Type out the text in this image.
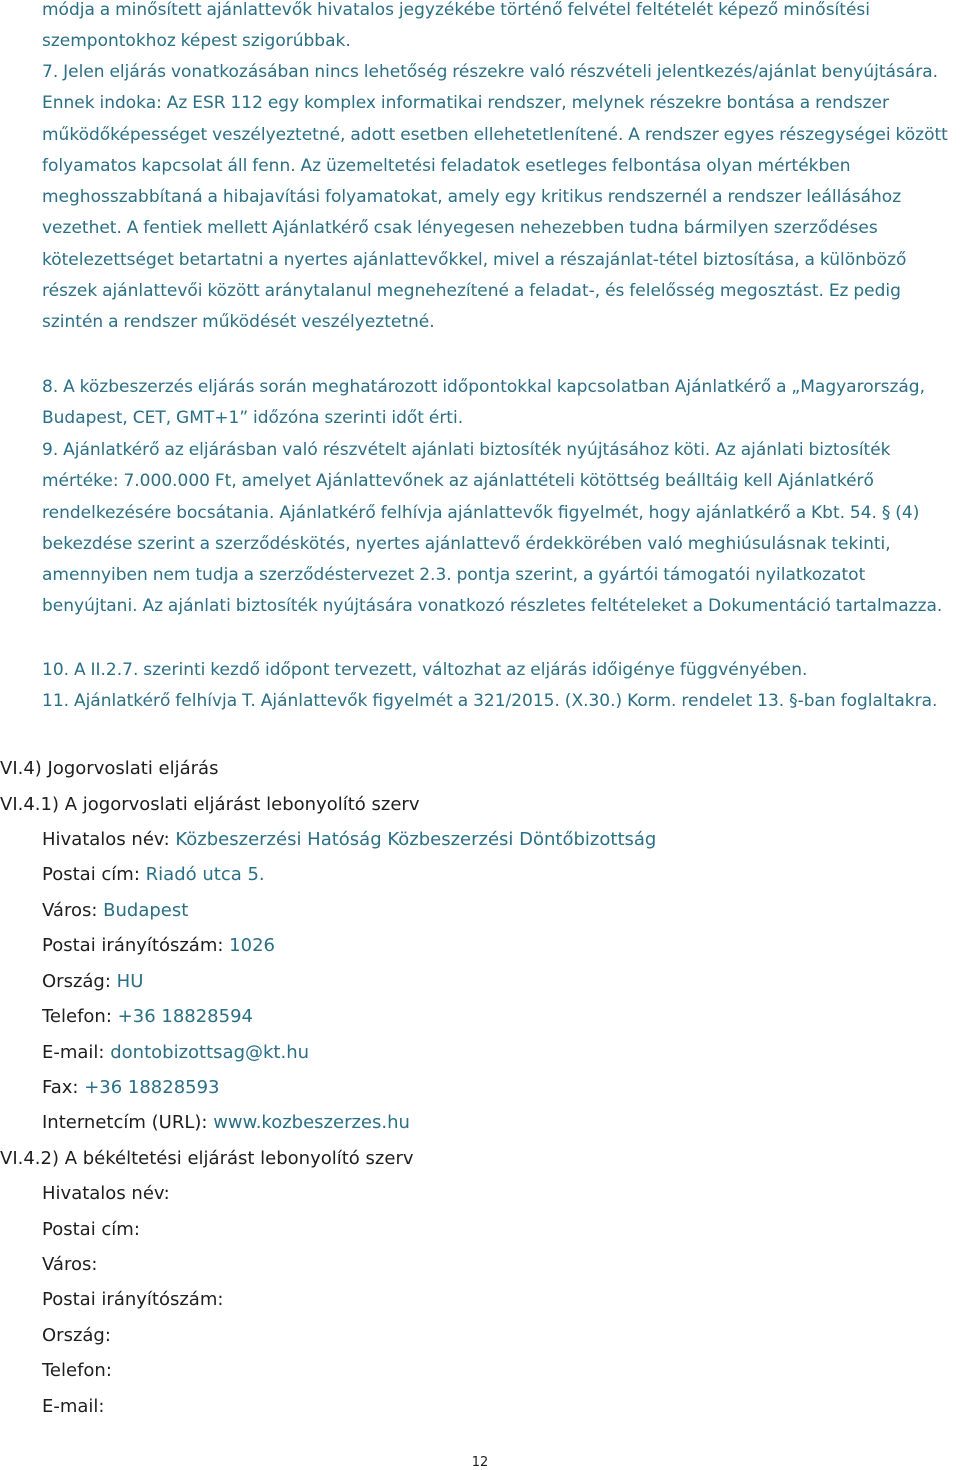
módja a minősített ajánlattevők hivatalos jegyzékébe történő felvétel feltételét képező minősítési szempontokhoz képest szigorúbbak.

7. Jelen eljárás vonatkozásában nincs lehetőség részekre való részvételi jelentkezés/ajánlat benyújtására. Ennek indoka: Az ESR 112 egy komplex informatikai rendszer, melynek részekre bontása a rendszer működőképességet veszélyeztetné, adott esetben ellehetetlenítené. A rendszer egyes részegységei között folyamatos kapcsolat áll fenn. Az üzemeltetési feladatok esetleges felbontása olyan mértékben meghosszabbítaná a hibajavítási folyamatokat, amely egy kritikus rendszernél a rendszer leállásához vezethet. A fentiek mellett Ajánlatkérő csak lényegesen nehezebben tudna bármilyen szerződéses kötelezettséget betartatni a nyertes ajánlattevőkkel, mivel a részajánlat-tétel biztosítása, a különböző részek ajánlattevői között aránytalanul megnehezítené a feladat-, és felelősség megosztást. Ez pedig szintén a rendszer működését veszélyeztetné.

8. A közbeszerzés eljárás során meghatározott időpontokkal kapcsolatban Ajánlatkérő a „Magyarország, Budapest, CET, GMT+1” időzóna szerinti időt érti.

9. Ajánlatkérő az eljárásban való részvételt ajánlati biztosíték nyújtásához köti. Az ajánlati biztosíték mértéke: 7.000.000 Ft, amelyet Ajánlattevőnek az ajánlattételi kötöttség beálltáig kell Ajánlatkérő rendelkezésére bocsátania. Ajánlatkérő felhívja ajánlattevők figyelmét, hogy ajánlatkérő a Kbt. 54. § (4) bekezdése szerint a szerződéskötés, nyertes ajánlattevő érdekkörében való meghiúsulásnak tekinti, amennyiben nem tudja a szerződéstervezet 2.3. pontja szerint, a gyártói támogatói nyilatkozatot benyújtani. Az ajánlati biztosíték nyújtására vonatkozó részletes feltételeket a Dokumentáció tartalmazza.

10. A II.2.7. szerinti kezdő időpont tervezett, változhat az eljárás időigénye függvényében.

11. Ajánlatkérő felhívja T. Ajánlattevők figyelmét a 321/2015. (X.30.) Korm. rendelet 13. §-ban foglaltakra.

VI.4) Jogorvoslati eljárás

VI.4.1) A jogorvoslati eljárást lebonyolító szerv

Hivatalos név: Közbeszerzési Hatóság Közbeszerzési Döntőbizottság

Postai cím: Riadó utca 5.

Város: Budapest

Postai irányítószám: 1026

Ország: HU

Telefon: +36 18828594

E-mail: dontobizottsag@kt.hu

Fax: +36 18828593

Internetcím (URL): www.kozbeszerzes.hu

VI.4.2) A békéltetési eljárást lebonyolító szerv

Hivatalos név:

Postai cím:

Város:

Postai irányítószám:

Ország:

Telefon:

E-mail:

12
